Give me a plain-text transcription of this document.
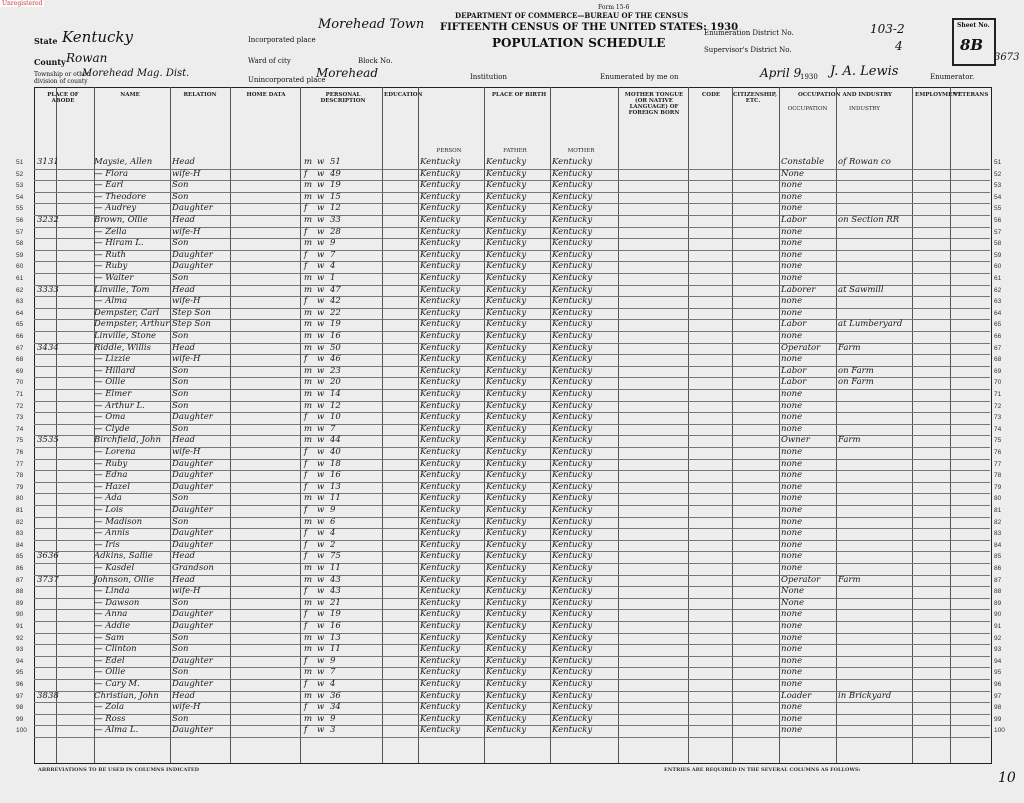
Unregistered
Form 15-6
DEPARTMENT OF COMMERCE—BUREAU OF THE CENSUS
FIFTEENTH CENSUS OF THE UNITED STATES: 1930
POPULATION SCHEDULE
State Kentucky
County Rowan
Township or other division of county
Morehead Mag. Dist.
Incorporated place
Morehead Town
Ward of city	Block No.
Unincorporated place
Morehead	Institution
Enumeration District No.	103-2
Supervisor's District No.	4
Enumerated by me on	April 9
1930 J. A. Lewis	Enumerator.
Sheet No.
8B
3673
PLACE OF ABODE
NAME	RELATION	HOME DATA	PERSONAL DESCRIPTION
EDUCATION	PLACE OF BIRTH
PERSON	FATHER	MOTHER
MOTHER TONGUE (OR NATIVE LANGUAGE) OF FOREIGN BORN
CODE	CITIZENSHIP, ETC.
OCCUPATION AND INDUSTRY
OCCUPATION	INDUSTRY
EMPLOYMENT
VETERANS
51	51
31 31	Maysie, Allen	Head	m w 51	Kentucky	Kentucky	Kentucky	Constable	of Rowan co
52	52
— Flora	wife-H	f	w 49	Kentucky	Kentucky	Kentucky	None
53	53
— Earl	Son	m w 19	Kentucky	Kentucky	Kentucky	none
54	54
— Theodore	Son	m w 15	Kentucky	Kentucky	Kentucky	none
55	55
— Audrey	Daughter	f	w 12	Kentucky	Kentucky	Kentucky	none
56	56
32 32	Brown, Ollie	Head	m w 33	Kentucky	Kentucky	Kentucky	Labor	on Section RR
57	57
— Zella	wife-H	f	w 28	Kentucky	Kentucky	Kentucky	none
58	58
— Hiram L.	Son	m w 9	Kentucky	Kentucky	Kentucky	none
59	59
— Ruth	Daughter	f	w 7	Kentucky	Kentucky	Kentucky	none
60	60
— Ruby	Daughter	f	w 4	Kentucky	Kentucky	Kentucky	none
61	61
— Walter	Son	m w 1	Kentucky	Kentucky	Kentucky	none
62	62
33 33	Linville, Tom	Head	m w 47	Kentucky	Kentucky	Kentucky	Laborer	at Sawmill
63	63
— Alma	wife-H	f	w 42	Kentucky	Kentucky	Kentucky	none
64	64
Dempster, Carl	Step Son	m w 22	Kentucky	Kentucky	Kentucky	none
65	65
Dempster, Arthur Step Son	m w 19	Kentucky	Kentucky	Kentucky	Labor	at Lumberyard
66	66
Linville, Stone	Son	m w 16	Kentucky	Kentucky	Kentucky	none
67	67
34 34	Riddle, Willis	Head	m w 50	Kentucky	Kentucky	Kentucky	Operator	Farm
68	68
— Lizzie	wife-H	f	w 46	Kentucky	Kentucky	Kentucky	none
69	69
— Hillard	Son	m w 23	Kentucky	Kentucky	Kentucky	Labor	on Farm
70	70
— Ollie	Son	m w 20	Kentucky	Kentucky	Kentucky	Labor	on Farm
71	71
— Elmer	Son	m w 14	Kentucky	Kentucky	Kentucky	none
72	72
— Arthur L.	Son	m w 12	Kentucky	Kentucky	Kentucky	none
73	73
— Oma	Daughter	f	w 10	Kentucky	Kentucky	Kentucky	none
74	74
— Clyde	Son	m w 7	Kentucky	Kentucky	Kentucky	none
75	75
35 35	Birchfield, John	Head	m w 44	Kentucky	Kentucky	Kentucky	Owner	Farm
76	76
— Lorena	wife-H	f	w 40	Kentucky	Kentucky	Kentucky	none
77	77
— Ruby	Daughter	f	w 18	Kentucky	Kentucky	Kentucky	none
78	78
— Edna	Daughter	f	w 16	Kentucky	Kentucky	Kentucky	none
79	79
— Hazel	Daughter	f	w 13	Kentucky	Kentucky	Kentucky	none
80	80
— Ada	Son	m w 11	Kentucky	Kentucky	Kentucky	none
81	81
— Lois	Daughter	f	w 9	Kentucky	Kentucky	Kentucky	none
82	82
— Madison	Son	m w 6	Kentucky	Kentucky	Kentucky	none
83	83
— Annis	Daughter	f	w 4	Kentucky	Kentucky	Kentucky	none
84	84
— Iris	Daughter	f	w 2	Kentucky	Kentucky	Kentucky	none
85	85
36 36	Adkins, Sallie	Head	f	w 75	Kentucky	Kentucky	Kentucky	none
86	86
— Kasdel	Grandson	m w 11	Kentucky	Kentucky	Kentucky	none
87	87
37 37	Johnson, Ollie	Head	m w 43	Kentucky	Kentucky	Kentucky	Operator	Farm
88	88
— Linda	wife-H	f	w 43	Kentucky	Kentucky	Kentucky	None
89	89
— Dawson	Son	m w 21	Kentucky	Kentucky	Kentucky	None
90	90
— Anna	Daughter	f	w 19	Kentucky	Kentucky	Kentucky	none
91	91
— Addie	Daughter	f	w 16	Kentucky	Kentucky	Kentucky	none
92	92
— Sam	Son	m w 13	Kentucky	Kentucky	Kentucky	none
93	93
— Clinton	Son	m w 11	Kentucky	Kentucky	Kentucky	none
94	94
— Edel	Daughter	f	w 9	Kentucky	Kentucky	Kentucky	none
95	95
— Ollie	Son	m w 7	Kentucky	Kentucky	Kentucky	none
96	96
— Cary M.	Daughter	f	w 4	Kentucky	Kentucky	Kentucky	none
97	97
38 38	Christian, John	Head	m w 36	Kentucky	Kentucky	Kentucky	Loader	in Brickyard
98	98
— Zola	wife-H	f	w 34	Kentucky	Kentucky	Kentucky	none
99	99
— Ross	Son	m w 9	Kentucky	Kentucky	Kentucky	none
100	100
— Alma L.	Daughter	f	w 3	Kentucky	Kentucky	Kentucky	none
ABBREVIATIONS TO BE USED IN COLUMNS INDICATED	ENTRIES ARE REQUIRED IN THE SEVERAL COLUMNS AS FOLLOWS:	10
